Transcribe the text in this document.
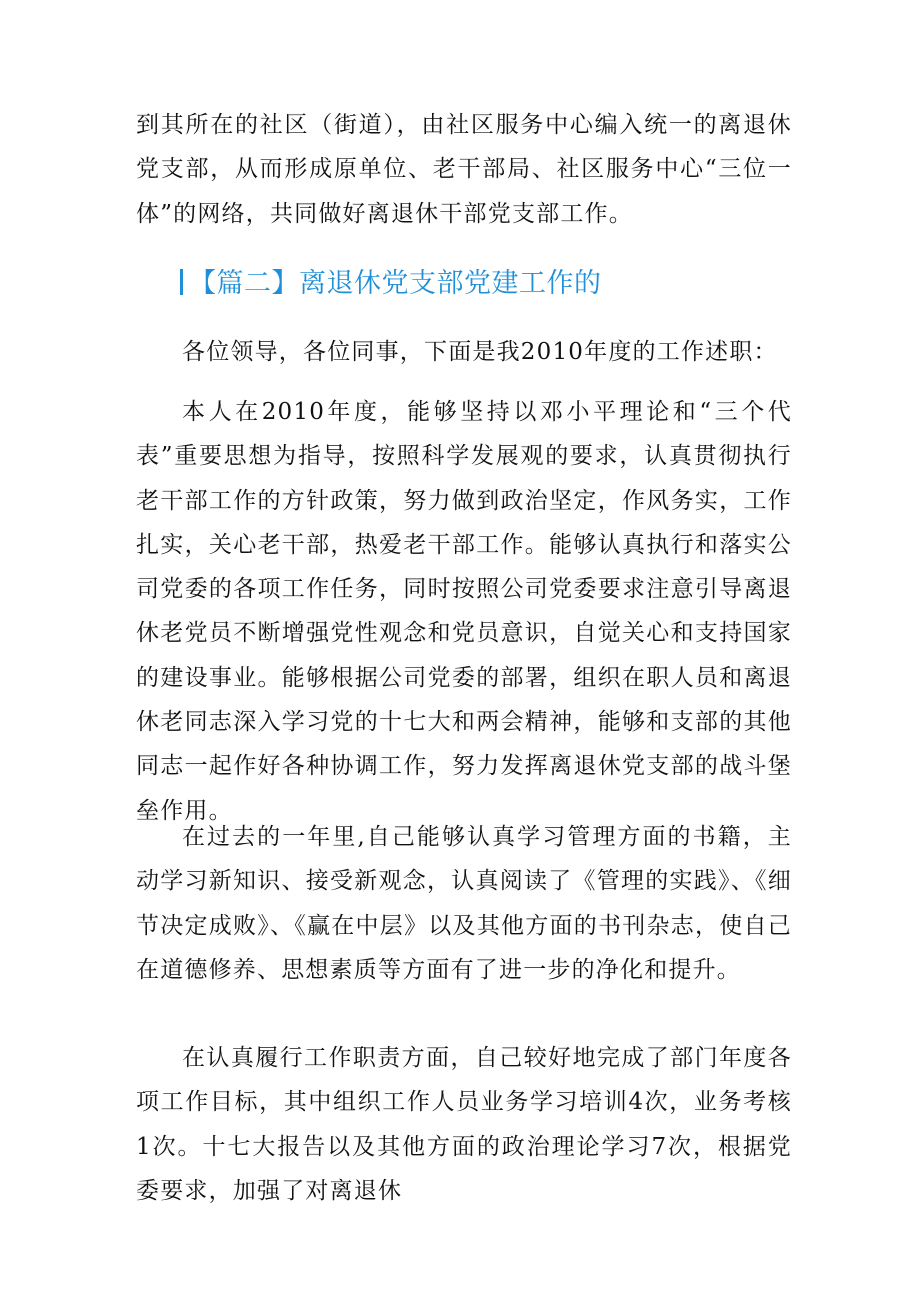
到其所在的社区（街道），由社区服务中心编入统一的离退休党支部，从而形成原单位、老干部局、社区服务中心“三位一体”的网络，共同做好离退休干部党支部工作。

【篇二】离退休党支部党建工作的

各位领导，各位同事，下面是我2010年度的工作述职：

本人在2010年度，能够坚持以邓小平理论和“三个代表”重要思想为指导，按照科学发展观的要求，认真贯彻执行老干部工作的方针政策，努力做到政治坚定，作风务实，工作扎实，关心老干部，热爱老干部工作。能够认真执行和落实公司党委的各项工作任务，同时按照公司党委要求注意引导离退休老党员不断增强党性观念和党员意识，自觉关心和支持国家的建设事业。能够根据公司党委的部署，组织在职人员和离退休老同志深入学习党的十七大和两会精神，能够和支部的其他同志一起作好各种协调工作，努力发挥离退休党支部的战斗堡垒作用。

在过去的一年里,自己能够认真学习管理方面的书籍，主动学习新知识、接受新观念，认真阅读了《管理的实践》、《细节决定成败》、《赢在中层》以及其他方面的书刊杂志，使自己在道德修养、思想素质等方面有了进一步的净化和提升。

在认真履行工作职责方面，自己较好地完成了部门年度各项工作目标，其中组织工作人员业务学习培训4次，业务考核1次。十七大报告以及其他方面的政治理论学习7次，根据党委要求，加强了对离退休
